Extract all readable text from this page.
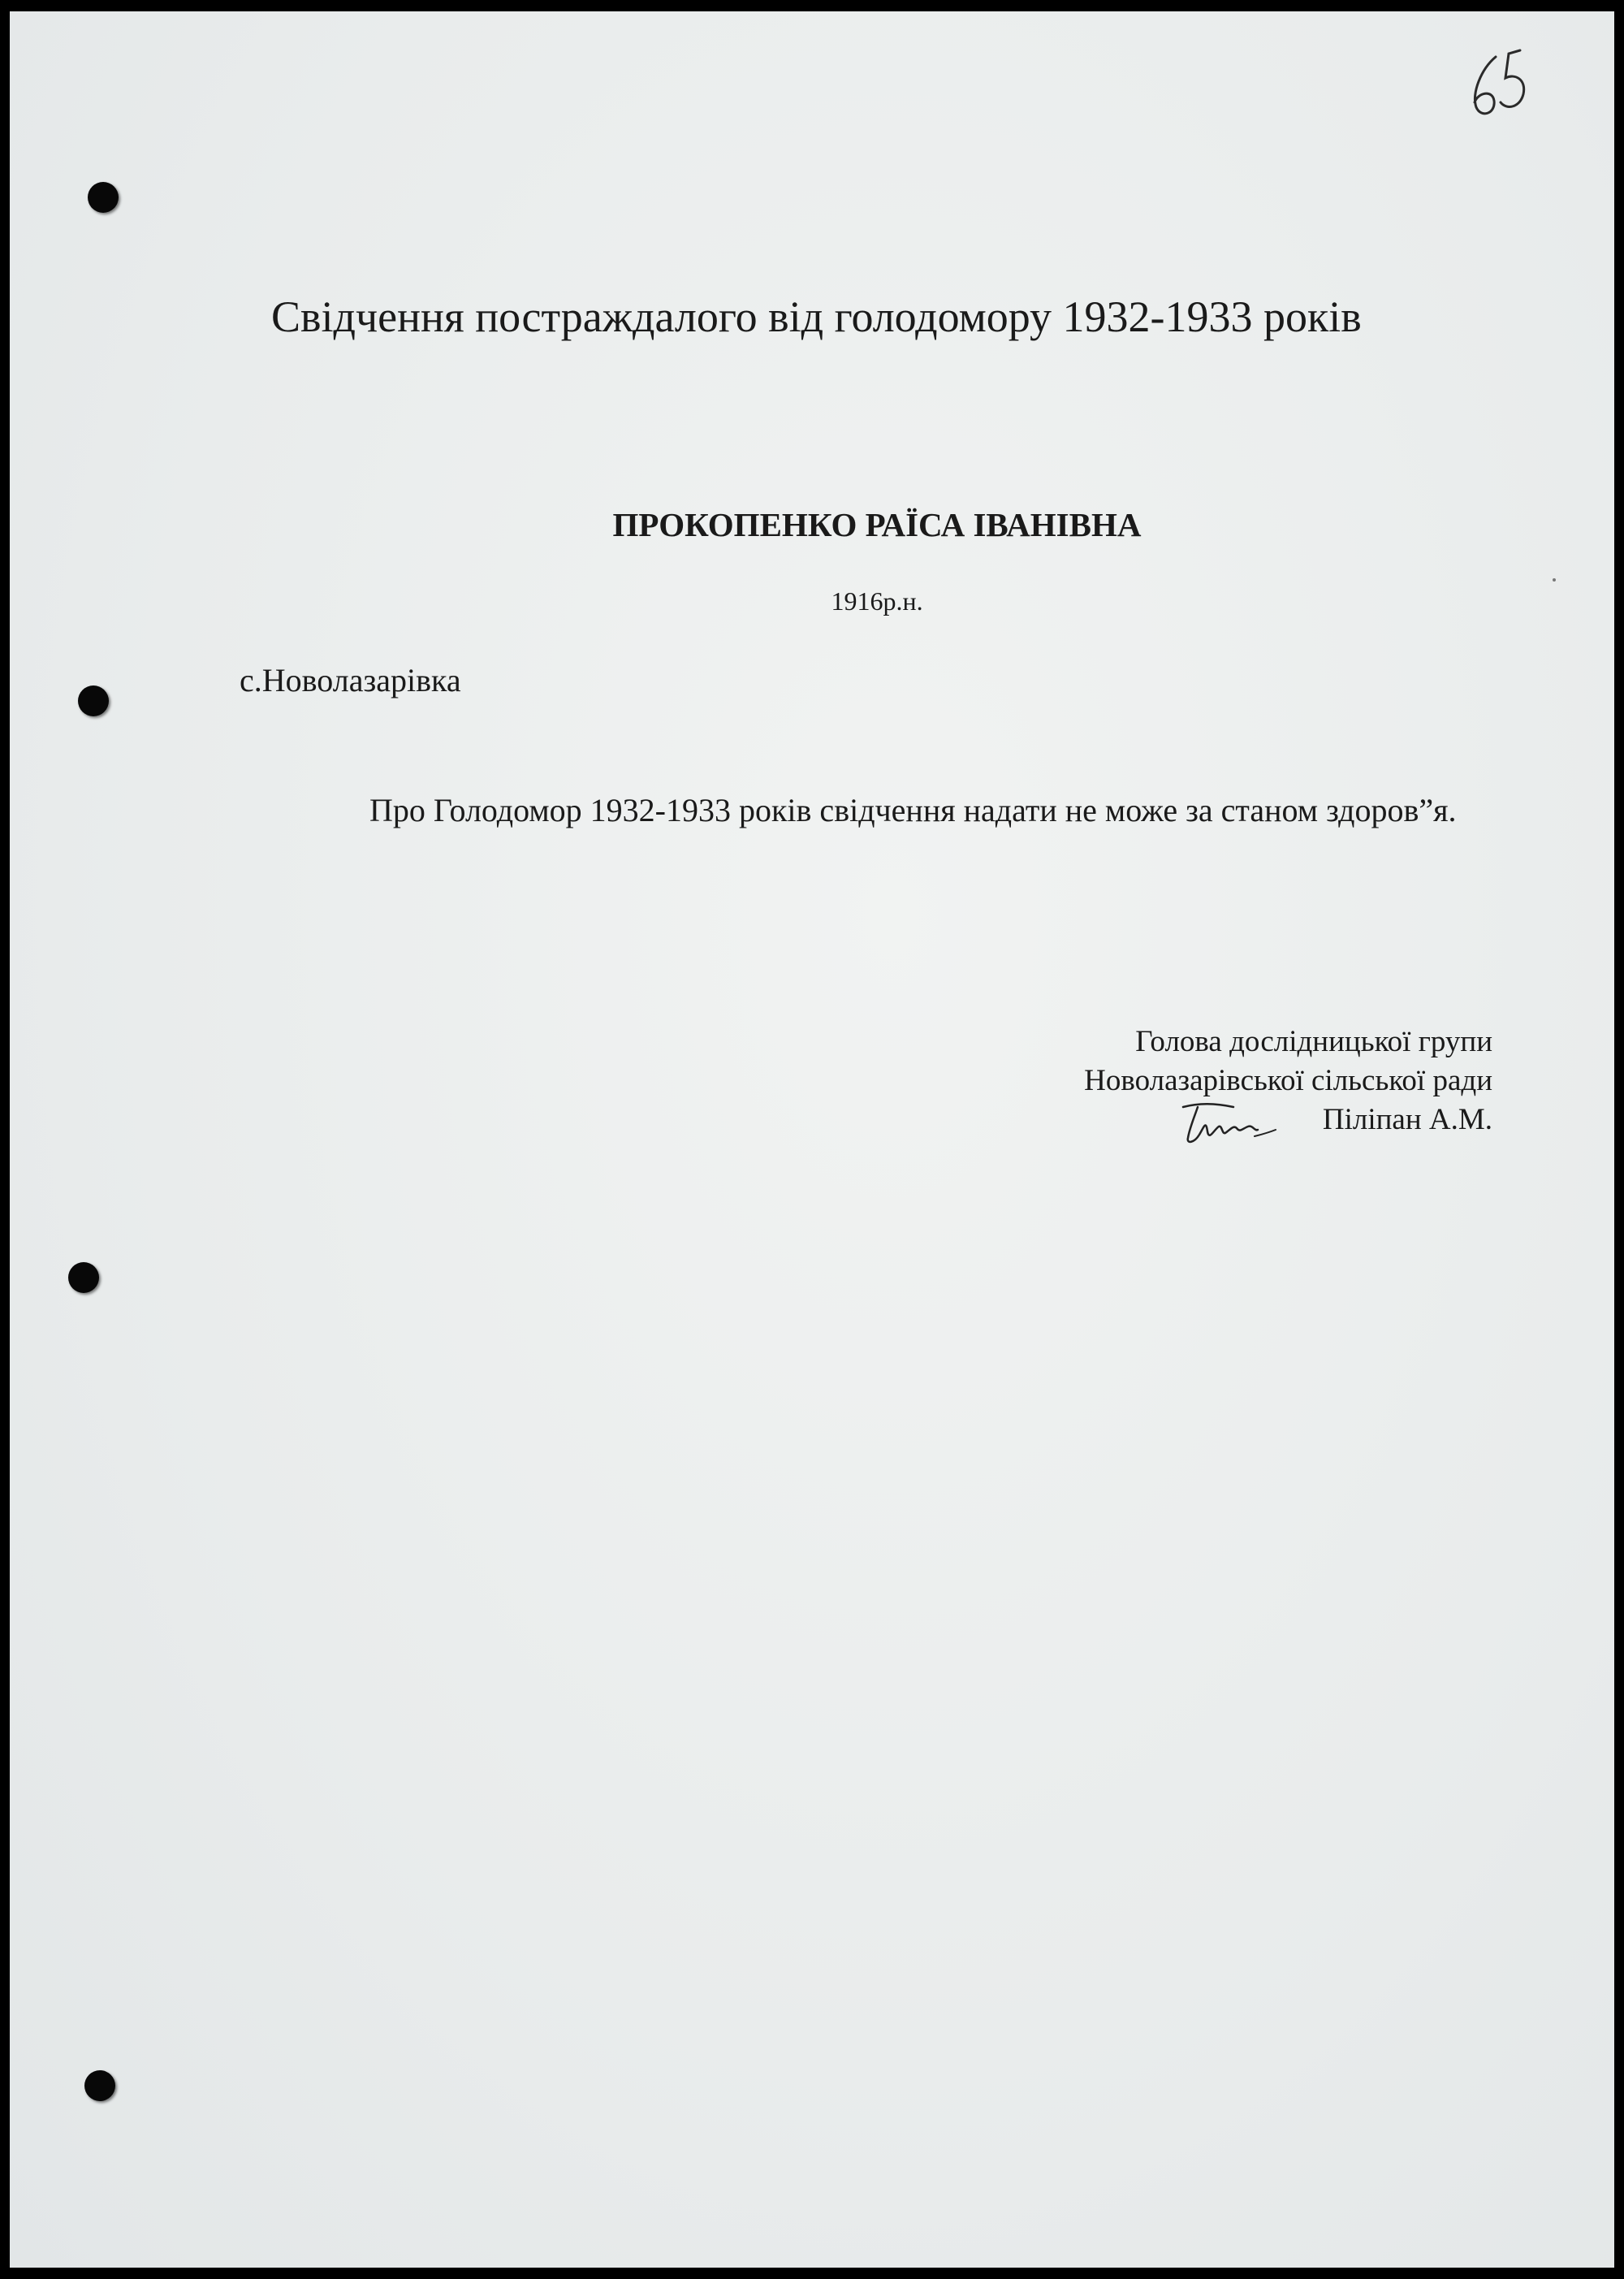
Свідчення постраждалого від голодомору 1932-1933 років
ПРОКОПЕНКО РАЇСА ІВАНІВНА
1916р.н.
с.Новолазарівка

Про Голодомор 1932-1933 років свідчення надати не може за станом здоров”я.

Голова дослідницької групи
Новолазарівської сільської ради
Пілiпан А.М.
